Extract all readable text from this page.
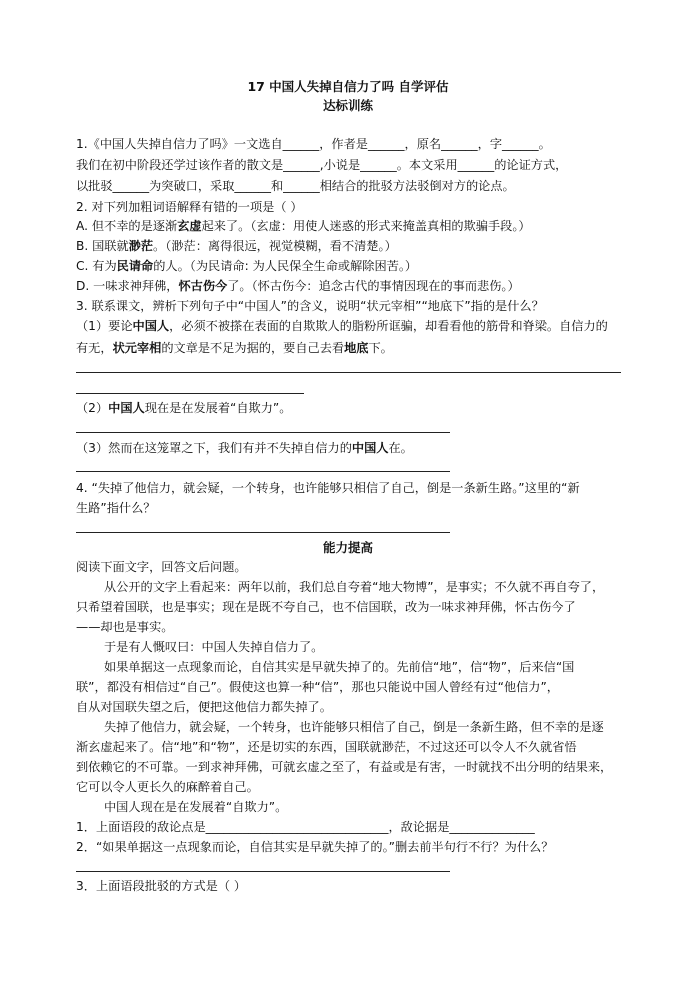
17 中国人失掉自信力了吗 自学评估
达标训练
1.《中国人失掉自信力了吗》一文选自______，作者是______，原名______，字______。
我们在初中阶段还学过该作者的散文是______,小说是______。本文采用______的论证方式，
以批驳______为突破口，采取______和______相结合的批驳方法驳倒对方的论点。
2. 对下列加粗词语解释有错的一项是（ ）
A. 但不幸的是逐渐玄虚起来了。（玄虚：用使人迷惑的形式来掩盖真相的欺骗手段。）
B. 国联就渺茫。（渺茫：离得很远，视觉模糊，看不清楚。）
C. 有为民请命的人。（为民请命: 为人民保全生命或解除困苦。）
D. 一味求神拜佛，怀古伤今了。（怀古伤今：追念古代的事情因现在的事而悲伤。）
3. 联系课文，辨析下列句子中“中国人”的含义，说明“状元宰相”“地底下”指的是什么？
（1）要论中国人，必须不被搽在表面的自欺欺人的脂粉所诓骗，却看看他的筋骨和脊梁。自信力的
有无，状元宰相的文章是不足为据的，要自己去看地底下。
（2）中国人现在是在发展着“自欺力”。
（3）然而在这笼罩之下，我们有并不失掉自信力的中国人在。
4. “失掉了他信力，就会疑，一个转身，也许能够只相信了自己，倒是一条新生路。”这里的“新
生路”指什么？
能力提高
阅读下面文字，回答文后问题。
从公开的文字上看起来：两年以前，我们总自夸着“地大物博”，是事实；不久就不再自夸了，
只希望着国联，也是事实；现在是既不夸自己，也不信国联，改为一味求神拜佛，怀古伤今了
——却也是事实。
于是有人慨叹曰：中国人失掉自信力了。
如果单据这一点现象而论，自信其实是早就失掉了的。先前信“地”，信“物”，后来信“国
联”，都没有相信过“自己”。假使这也算一种“信”，那也只能说中国人曾经有过“他信力”，
自从对国联失望之后，便把这他信力都失掉了。
失掉了他信力，就会疑，一个转身，也许能够只相信了自己，倒是一条新生路，但不幸的是逐
渐玄虚起来了。信“地”和“物”，还是切实的东西，国联就渺茫，不过这还可以令人不久就省悟
到依赖它的不可靠。一到求神拜佛，可就玄虚之至了，有益或是有害，一时就找不出分明的结果来，
它可以令人更长久的麻醉着自己。
中国人现在是在发展着“自欺力”。
1．上面语段的敌论点是______________________________，敌论据是______________
2．“如果单据这一点现象而论，自信其实是早就失掉了的。”删去前半句行不行？为什么？
3．上面语段批驳的方式是（ ）
